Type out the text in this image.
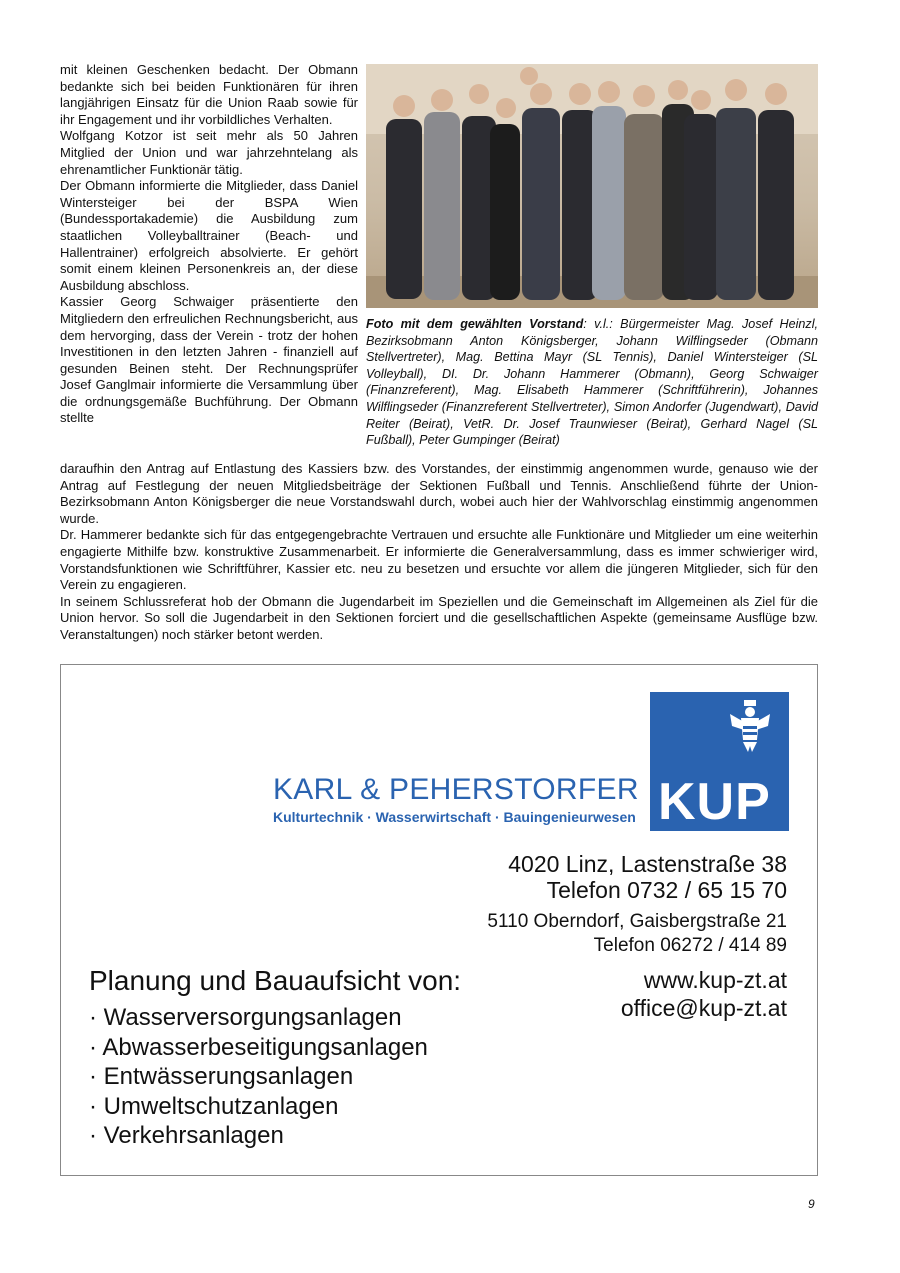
mit kleinen Geschenken bedacht. Der Obmann bedankte sich bei beiden Funktionären für ihren langjährigen Einsatz für die Union Raab sowie für ihr Engagement und ihr vorbildliches Verhalten.

Wolfgang Kotzor ist seit mehr als 50 Jahren Mitglied der Union und war jahrzehntelang als ehrenamtlicher Funktionär tätig.

Der Obmann informierte die Mitglieder, dass Daniel Wintersteiger bei der BSPA Wien (Bundessportakademie) die Ausbildung zum staatlichen Volleyballtrainer (Beach- und Hallentrainer) erfolgreich absolvierte. Er gehört somit einem kleinen Personenkreis an, der diese Ausbildung abschloss.

Kassier Georg Schwaiger präsentierte den Mitgliedern den erfreulichen Rechnungsbericht, aus dem hervorging, dass der Verein - trotz der hohen Investitionen in den letzten Jahren - finanziell auf gesunden Beinen steht. Der Rechnungsprüfer Josef Ganglmair informierte die Versammlung über die ordnungsgemäße Buchführung. Der Obmann stellte

Foto mit dem gewählten Vorstand: v.l.: Bürgermeister Mag. Josef Heinzl, Bezirksobmann Anton Königsberger, Johann Wilflingseder (Obmann Stellvertreter), Mag. Bettina Mayr (SL Tennis), Daniel Wintersteiger (SL Volleyball), DI. Dr. Johann Hammerer (Obmann), Georg Schwaiger (Finanzreferent), Mag. Elisabeth Hammerer (Schriftführerin), Johannes Wilflingseder (Finanzreferent Stellvertreter), Simon Andorfer (Jugendwart), David Reiter (Beirat), VetR. Dr. Josef Traunwieser (Beirat), Gerhard Nagel (SL Fußball), Peter Gumpinger (Beirat)

daraufhin den Antrag auf Entlastung des Kassiers bzw. des Vorstandes, der einstimmig angenommen wurde, genauso wie der Antrag auf Festlegung der neuen Mitgliedsbeiträge der Sektionen Fußball und Tennis. Anschließend führte der Union-Bezirksobmann Anton Königsberger die neue Vorstandswahl durch, wobei auch hier der Wahlvorschlag einstimmig angenommen wurde.

Dr. Hammerer bedankte sich für das entgegengebrachte Vertrauen und ersuchte alle Funktionäre und Mitglieder um eine weiterhin engagierte Mithilfe bzw. konstruktive Zusammenarbeit. Er informierte die Generalversammlung, dass es immer schwieriger wird, Vorstandsfunktionen wie Schriftführer, Kassier etc. neu zu besetzen und ersuchte vor allem die jüngeren Mitglieder, sich für den Verein zu engagieren.

In seinem Schlussreferat hob der Obmann die Jugendarbeit im Speziellen und die Gemeinschaft im Allgemeinen als Ziel für die Union hervor. So soll die Jugendarbeit in den Sektionen forciert und die gesellschaftlichen Aspekte (gemeinsame Ausflüge bzw. Veranstaltungen) noch stärker betont werden.

KUP
KARL & PEHERSTORFER
Kulturtechnik · Wasserwirtschaft · Bauingenieurwesen
4020 Linz, Lastenstraße 38
Telefon 0732 / 65 15 70
5110 Oberndorf, Gaisbergstraße 21
Telefon 06272 / 414 89
www.kup-zt.at
office@kup-zt.at
Planung und Bauaufsicht von:
· Wasserversorgungsanlagen
· Abwasserbeseitigungsanlagen
· Entwässerungsanlagen
· Umweltschutzanlagen
· Verkehrsanlagen
9
